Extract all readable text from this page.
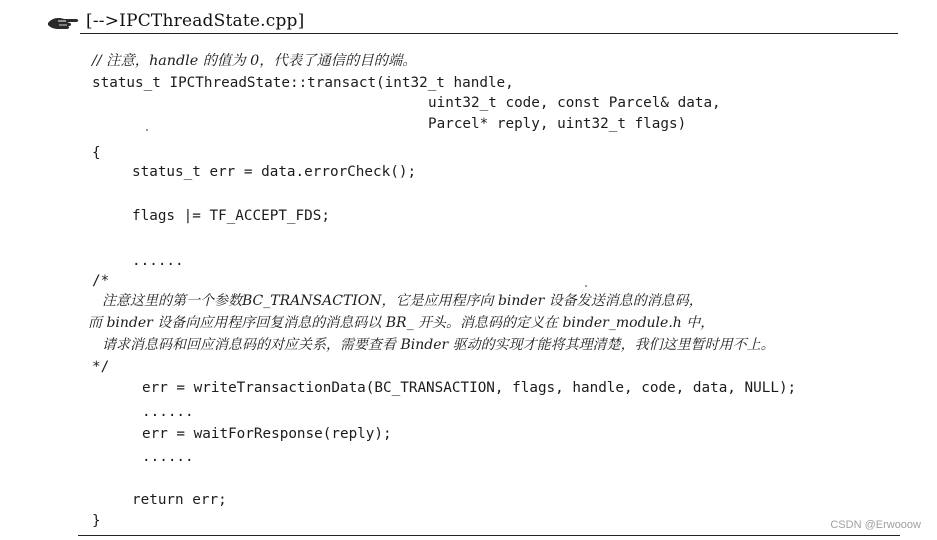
[-->IPCThreadState.cpp]
// 注意，handle 的值为 0，代表了通信的目的端。
status_t IPCThreadState::transact(int32_t handle,
uint32_t code, const Parcel& data,
Parcel* reply, uint32_t flags)
{
status_t err = data.errorCheck();
flags |= TF_ACCEPT_FDS;
......
/*
注意这里的第一个参数BC_TRANSACTION，它是应用程序向 binder 设备发送消息的消息码，
而 binder 设备向应用程序回复消息的消息码以 BR_ 开头。消息码的定义在 binder_module.h 中，
请求消息码和回应消息码的对应关系，需要查看 Binder 驱动的实现才能将其理清楚，我们这里暂时用不上。
*/
err = writeTransactionData(BC_TRANSACTION, flags, handle, code, data, NULL);
......
err = waitForResponse(reply);
......
return err;
}	CSDN @Erwooow
